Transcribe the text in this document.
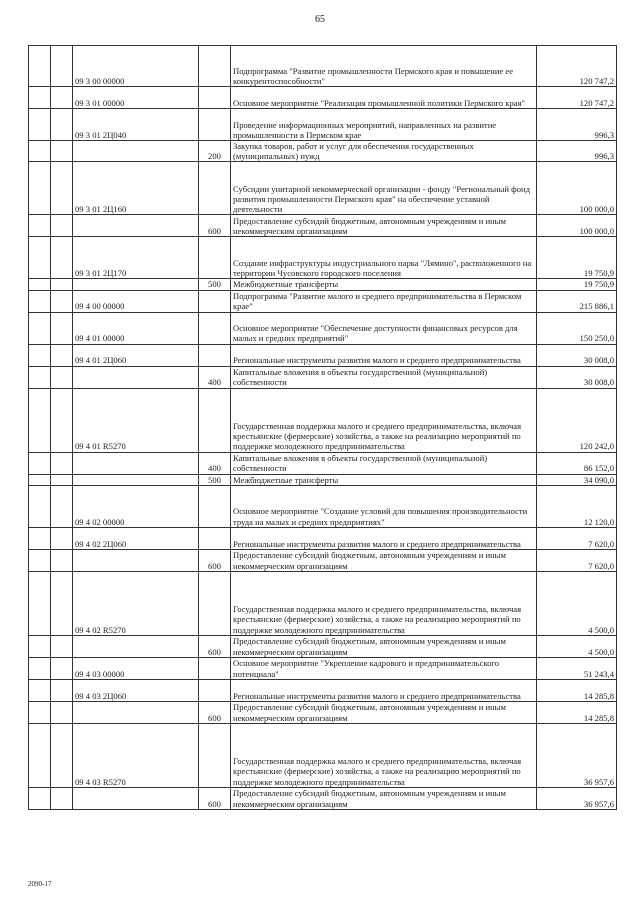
65
		09 3 00 00000		Подпрограмма "Развитие промышленности Пермского края и повышение ее конкурентоспособности"	120 747,2
		09 3 01 00000		Основное мероприятие "Реализация промышленной политики Пермского края"	120 747,2
		09 3 01 2Ц040		Проведение информационных мероприятий, направленных на развитие промышленности в Пермском крае	996,3
			200	Закупка товаров, работ и услуг для обеспечения государственных (муниципальных) нужд	996,3
		09 3 01 2Ц160		Субсидии унитарной некоммерческой организации - фонду "Региональный фонд развития промышленности Пермского края" на обеспечение уставной деятельности	100 000,0
			600	Предоставление субсидий бюджетным, автономным учреждениям и иным некоммерческим организациям	100 000,0
		09 3 01 2Ц170		Создание инфраструктуры индустриального парка "Лямино", расположенного на территории Чусовского городского поселения	19 750,9
			500	Межбюджетные трансферты	19 750,9
		09 4 00 00000		Подпрограмма "Развитие малого и среднего предпринимательства в Пермском крае"	215 886,1
		09 4 01 00000		Основное мероприятие "Обеспечение доступности финансовых ресурсов для малых и средних предприятий"	150 250,0
		09 4 01 2Ц060		Региональные инструменты развития малого и среднего предпринимательства	30 008,0
			400	Капитальные вложения в объекты государственной (муниципальной) собственности	30 008,0
		09 4 01 R5270		Государственная поддержка малого и среднего предпринимательства, включая крестьянские (фермерские) хозяйства, а также на реализацию мероприятий по поддержке молодежного предпринимательства	120 242,0
			400	Капитальные вложения в объекты государственной (муниципальной) собственности	86 152,0
			500	Межбюджетные трансферты	34 090,0
		09 4 02 00000		Основное мероприятие "Создание условий для повышения производительности труда на малых и средних предприятиях"	12 120,0
		09 4 02 2Ц060		Региональные инструменты развития малого и среднего предпринимательства	7 620,0
			600	Предоставление субсидий бюджетным, автономным учреждениям и иным некоммерческим организациям	7 620,0
		09 4 02 R5270		Государственная поддержка малого и среднего предпринимательства, включая крестьянские (фермерские) хозяйства, а также на реализацию мероприятий по поддержке молодежного предпринимательства	4 500,0
			600	Предоставление субсидий бюджетным, автономным учреждениям и иным некоммерческим организациям	4 500,0
		09 4 03 00000		Основное мероприятие "Укрепление кадрового и предпринимательского потенциала"	51 243,4
		09 4 03 2Ц060		Региональные инструменты развития малого и среднего предпринимательства	14 285,8
			600	Предоставление субсидий бюджетным, автономным учреждениям и иным некоммерческим организациям	14 285,8
		09 4 03 R5270		Государственная поддержка малого и среднего предпринимательства, включая крестьянские (фермерские) хозяйства, а также на реализацию мероприятий по поддержке молодежного предпринимательства	36 957,6
			600	Предоставление субсидий бюджетным, автономным учреждениям и иным некоммерческим организациям	36 957,6
2090-17
